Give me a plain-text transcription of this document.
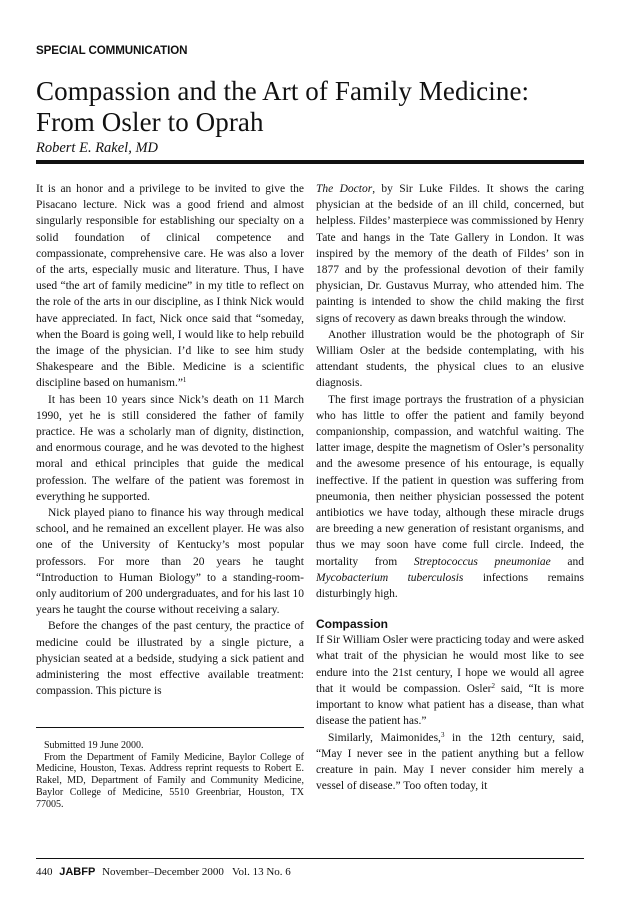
SPECIAL COMMUNICATION
Compassion and the Art of Family Medicine:
From Osler to Oprah
Robert E. Rakel, MD

It is an honor and a privilege to be invited to give the Pisacano lecture. Nick was a good friend and almost singularly responsible for establishing our specialty on a solid foundation of clinical competence and compassionate, comprehensive care. He was also a lover of the arts, especially music and literature. Thus, I have used “the art of family medicine” in my title to reflect on the role of the arts in our discipline, as I think Nick would have appreciated. In fact, Nick once said that “someday, when the Board is going well, I would like to help rebuild the image of the physician. I’d like to see him study Shakespeare and the Bible. Medicine is a scientific discipline based on humanism.”$^1$

It has been 10 years since Nick’s death on 11 March 1990, yet he is still considered the father of family practice. He was a scholarly man of dignity, distinction, and enormous courage, and he was devoted to the highest moral and ethical principles that guide the medical profession. The welfare of the patient was foremost in everything he supported.

Nick played piano to finance his way through medical school, and he remained an excellent player. He was also one of the University of Kentucky’s most popular professors. For more than 20 years he taught “Introduction to Human Biology” to a standing-room-only auditorium of 200 undergraduates, and for his last 10 years he taught the course without receiving a salary.

Before the changes of the past century, the practice of medicine could be illustrated by a single picture, a physician seated at a bedside, studying a sick patient and administering the most effective available treatment: compassion. This picture is

Submitted 19 June 2000.

From the Department of Family Medicine, Baylor College of Medicine, Houston, Texas. Address reprint requests to Robert E. Rakel, MD, Department of Family and Community Medicine, Baylor College of Medicine, 5510 Greenbriar, Houston, TX 77005.

The Doctor, by Sir Luke Fildes. It shows the caring physician at the bedside of an ill child, concerned, but helpless. Fildes’ masterpiece was commissioned by Henry Tate and hangs in the Tate Gallery in London. It was inspired by the memory of the death of Fildes’ son in 1877 and by the professional devotion of their family physician, Dr. Gustavus Murray, who attended him. The painting is intended to show the child making the first signs of recovery as dawn breaks through the window.

Another illustration would be the photograph of Sir William Osler at the bedside contemplating, with his attendant students, the physical clues to an elusive diagnosis.

The first image portrays the frustration of a physician who has little to offer the patient and family beyond companionship, compassion, and watchful waiting. The latter image, despite the magnetism of Osler’s personality and the awesome presence of his entourage, is equally ineffective. If the patient in question was suffering from pneumonia, then neither physician possessed the potent antibiotics we have today, although these miracle drugs are breeding a new generation of resistant organisms, and thus we may soon have come full circle. Indeed, the mortality from Streptococcus pneumoniae and Mycobacterium tuberculosis infections remains disturbingly high.

Compassion

If Sir William Osler were practicing today and were asked what trait of the physician he would most like to see endure into the 21st century, I hope we would all agree that it would be compassion. Osler$^2$ said, “It is more important to know what patient has a disease, than what disease the patient has.”

Similarly, Maimonides,$^3$ in the 12th century, said, “May I never see in the patient anything but a fellow creature in pain. May I never consider him merely a vessel of disease.” Too often today, it

440 JABFP November–December 2000   Vol. 13 No. 6
